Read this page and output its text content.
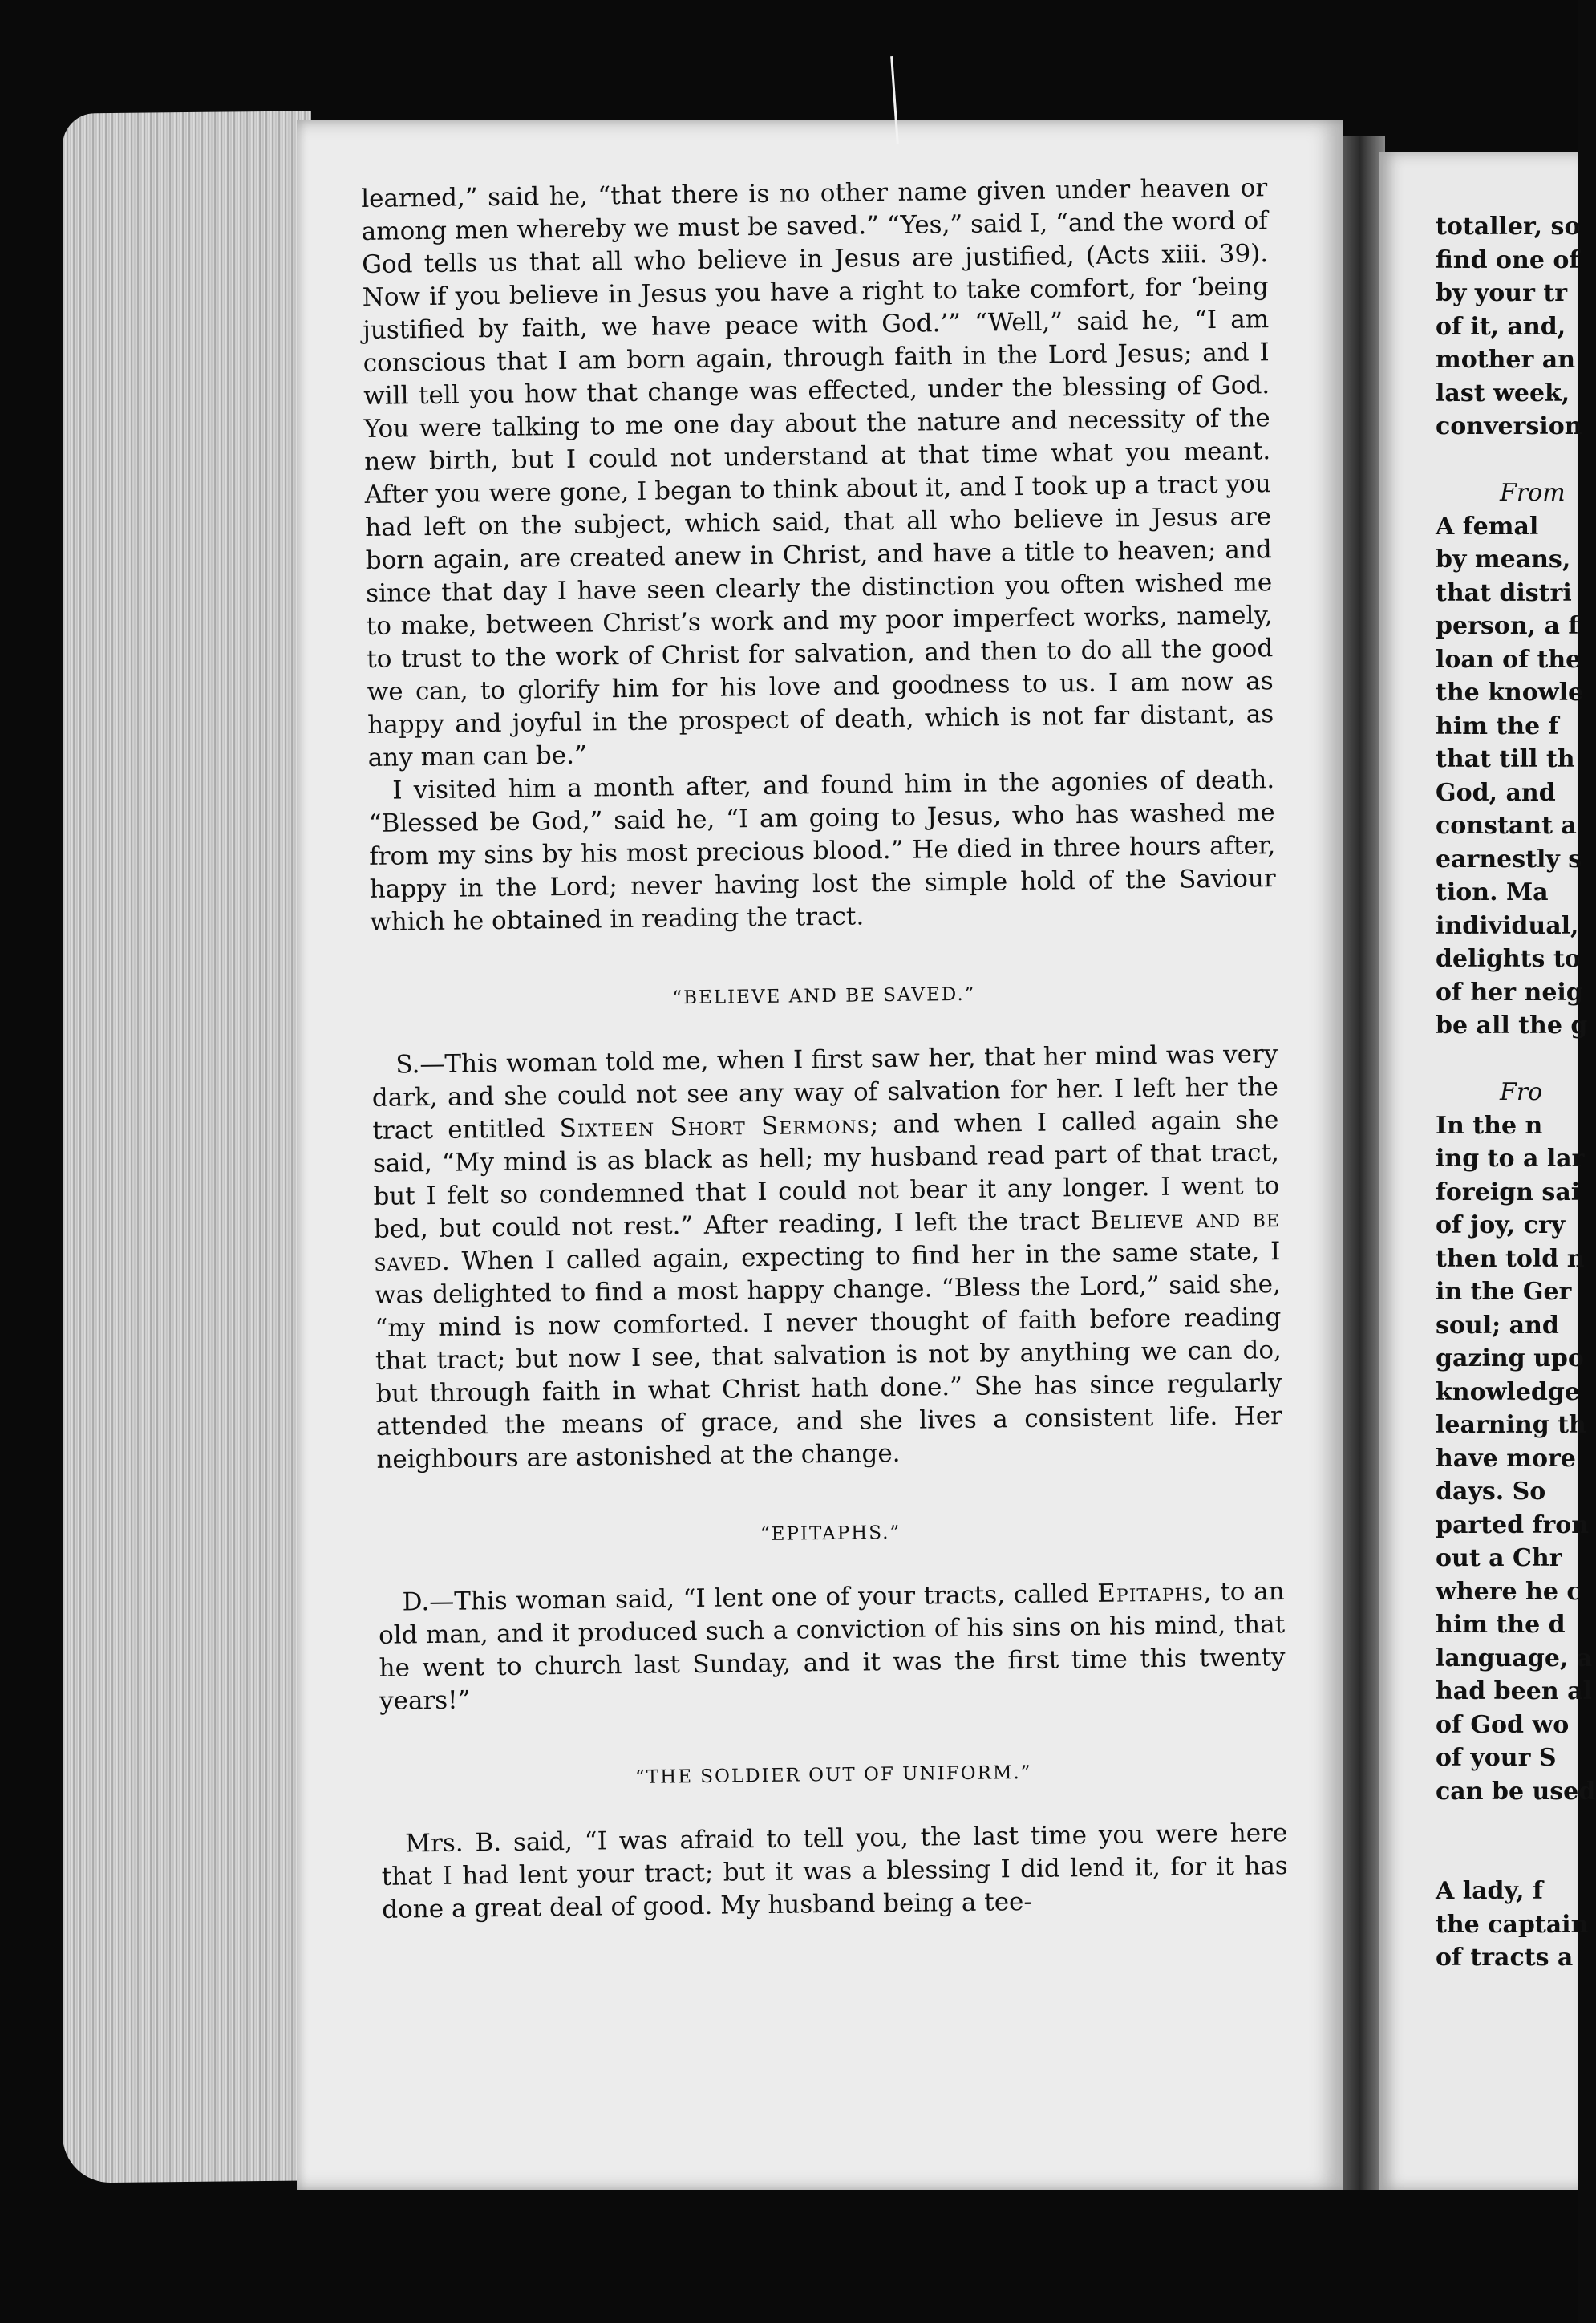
learned,” said he, “that there is no other name given under heaven or among men whereby we must be saved.” “Yes,” said I, “and the word of God tells us that all who believe in Jesus are justified, (Acts xiii. 39). Now if you believe in Jesus you have a right to take comfort, for ‘being justified by faith, we have peace with God.’” “Well,” said he, “I am conscious that I am born again, through faith in the Lord Jesus; and I will tell you how that change was effected, under the blessing of God. You were talking to me one day about the nature and necessity of the new birth, but I could not understand at that time what you meant. After you were gone, I began to think about it, and I took up a tract you had left on the subject, which said, that all who believe in Jesus are born again, are created anew in Christ, and have a title to heaven; and since that day I have seen clearly the distinction you often wished me to make, between Christ’s work and my poor imperfect works, namely, to trust to the work of Christ for salvation, and then to do all the good we can, to glorify him for his love and goodness to us. I am now as happy and joyful in the prospect of death, which is not far distant, as any man can be.”

I visited him a month after, and found him in the agonies of death. “Blessed be God,” said he, “I am going to Jesus, who has washed me from my sins by his most precious blood.” He died in three hours after, happy in the Lord; never having lost the simple hold of the Saviour which he obtained in reading the tract.

“BELIEVE AND BE SAVED.”

S.—This woman told me, when I first saw her, that her mind was very dark, and she could not see any way of salvation for her. I left her the tract entitled Sixteen Short Sermons; and when I called again she said, “My mind is as black as hell; my husband read part of that tract, but I felt so condemned that I could not bear it any longer. I went to bed, but could not rest.” After reading, I left the tract Believe and be saved. When I called again, expecting to find her in the same state, I was delighted to find a most happy change. “Bless the Lord,” said she, “my mind is now comforted. I never thought of faith before reading that tract; but now I see, that salvation is not by anything we can do, but through faith in what Christ hath done.” She has since regularly attended the means of grace, and she lives a consistent life. Her neighbours are astonished at the change.

“EPITAPHS.”

D.—This woman said, “I lent one of your tracts, called Epitaphs, to an old man, and it produced such a conviction of his sins on his mind, that he went to church last Sunday, and it was the first time this twenty years!”

“THE SOLDIER OUT OF UNIFORM.”

Mrs. B. said, “I was afraid to tell you, the last time you were here that I had lent your tract; but it was a blessing I did lend it, for it has done a great deal of good. My husband being a tee-

totaller, so
find one of
by your tr
of it, and,
mother an
last week,
conversion
From
A femal
by means,
that distri
person, a f
loan of the
the knowle
him the f
that till th
God, and
constant a
earnestly s
tion. Ma
individual,
delights to
of her neig
be all the g
Fro
In the n
ing to a lar
foreign sai
of joy, cry
then told n
in the Ger
soul; and
gazing upo
knowledge
learning th
have more
days. So
parted fron
out a Chr
where he c
him the d
language, a
had been al
of God wo
of your S
can be used
A lady, f
the captain
of tracts a
